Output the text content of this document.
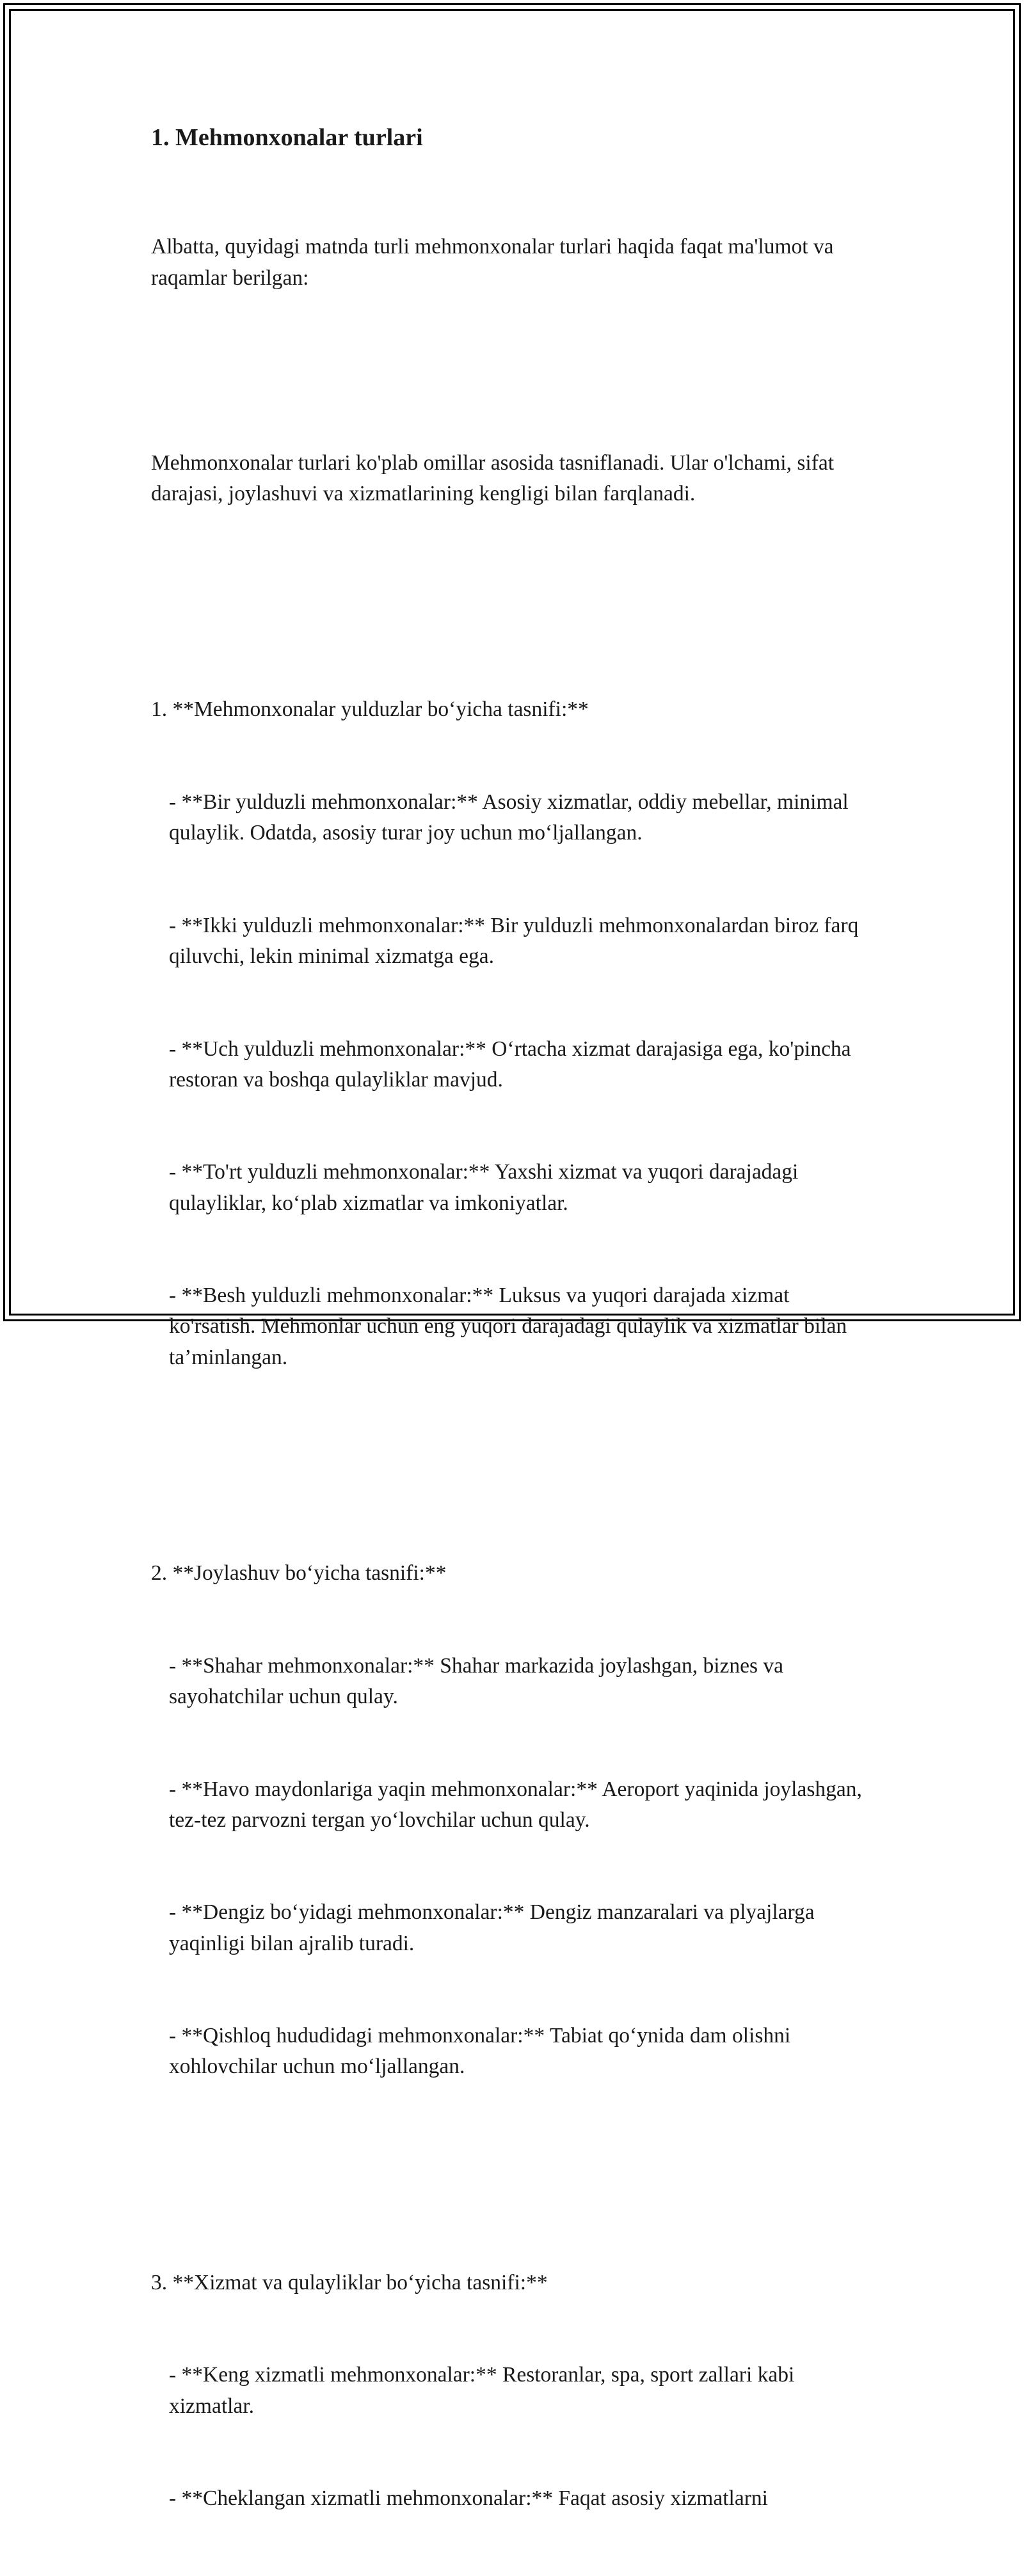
1. Mehmonxonalar turlari

Albatta, quyidagi matnda turli mehmonxonalar turlari haqida faqat ma'lumot va raqamlar berilgan:

Mehmonxonalar turlari ko'plab omillar asosida tasniflanadi. Ular o'lchami, sifat darajasi, joylashuvi va xizmatlarining kengligi bilan farqlanadi.

1. **Mehmonxonalar yulduzlar bo‘yicha tasnifi:**

- **Bir yulduzli mehmonxonalar:** Asosiy xizmatlar, oddiy mebellar, minimal qulaylik. Odatda, asosiy turar joy uchun mo‘ljallangan.

- **Ikki yulduzli mehmonxonalar:** Bir yulduzli mehmonxonalardan biroz farq qiluvchi, lekin minimal xizmatga ega.

- **Uch yulduzli mehmonxonalar:** O‘rtacha xizmat darajasiga ega, ko'pincha restoran va boshqa qulayliklar mavjud.

- **To'rt yulduzli mehmonxonalar:** Yaxshi xizmat va yuqori darajadagi qulayliklar, ko‘plab xizmatlar va imkoniyatlar.

- **Besh yulduzli mehmonxonalar:** Luksus va yuqori darajada xizmat ko'rsatish. Mehmonlar uchun eng yuqori darajadagi qulaylik va xizmatlar bilan ta’minlangan.

2. **Joylashuv bo‘yicha tasnifi:**

- **Shahar mehmonxonalar:** Shahar markazida joylashgan, biznes va sayohatchilar uchun qulay.

- **Havo maydonlariga yaqin mehmonxonalar:** Aeroport yaqinida joylashgan, tez-tez parvozni tergan yo‘lovchilar uchun qulay.

- **Dengiz bo‘yidagi mehmonxonalar:** Dengiz manzaralari va plyajlarga yaqinligi bilan ajralib turadi.

- **Qishloq hududidagi mehmonxonalar:** Tabiat qo‘ynida dam olishni xohlovchilar uchun mo‘ljallangan.

3. **Xizmat va qulayliklar bo‘yicha tasnifi:**

- **Keng xizmatli mehmonxonalar:** Restoranlar, spa, sport zallari kabi xizmatlar.

- **Cheklangan xizmatli mehmonxonalar:** Faqat asosiy xizmatlarni
